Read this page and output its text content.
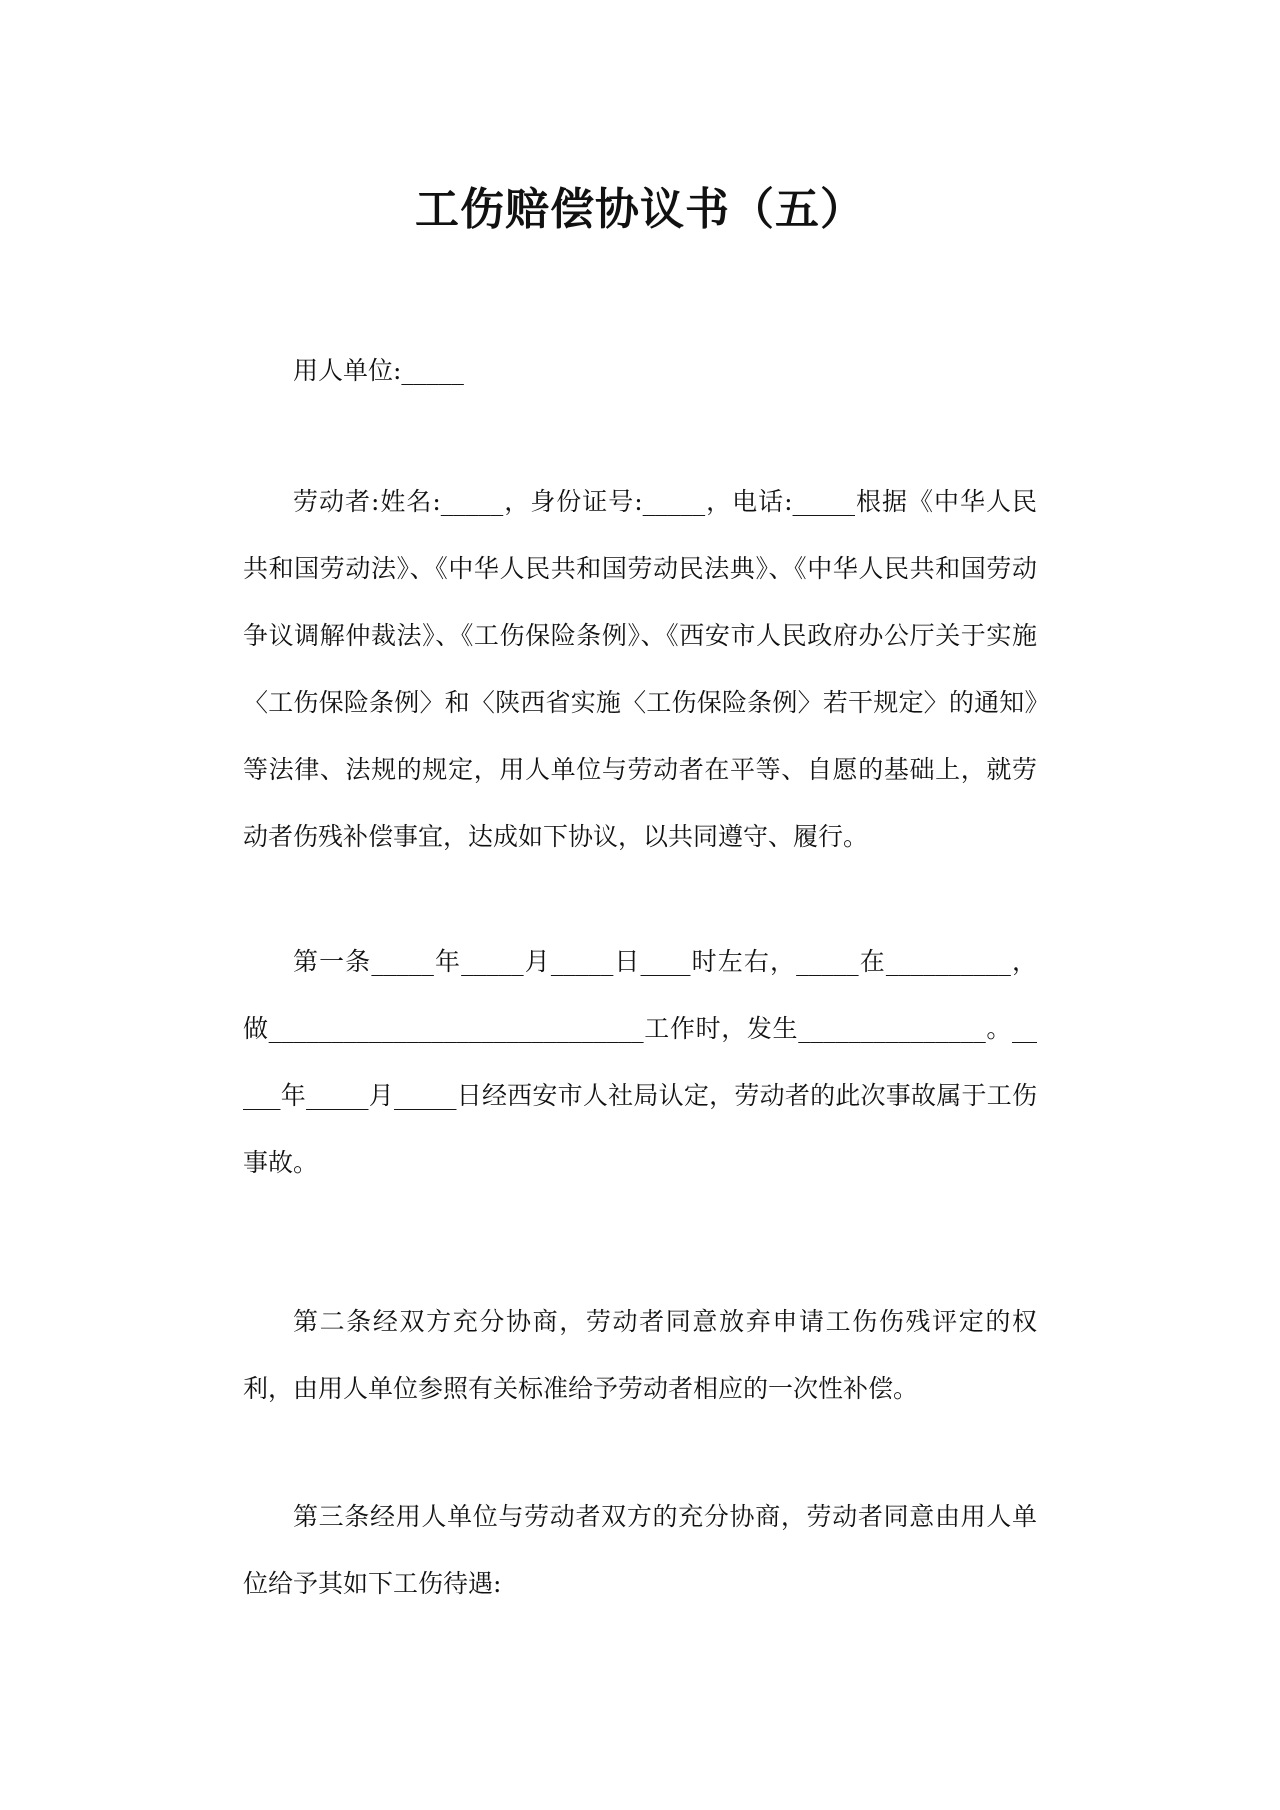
工伤赔偿协议书（五）

用人单位:_____

劳动者:姓名:_____，身份证号:_____，电话:_____根据《中华人民共和国劳动法》、《中华人民共和国劳动民法典》、《中华人民共和国劳动争议调解仲裁法》、《工伤保险条例》、《西安市人民政府办公厅关于实施〈工伤保险条例〉和〈陕西省实施〈工伤保险条例〉若干规定〉的通知》等法律、法规的规定，用人单位与劳动者在平等、自愿的基础上，就劳动者伤残补偿事宜，达成如下协议，以共同遵守、履行。

第一条_____年_____月_____日____时左右，_____在__________，做______________________________工作时，发生_______________。_____年_____月_____日经西安市人社局认定，劳动者的此次事故属于工伤事故。

第二条经双方充分协商，劳动者同意放弃申请工伤伤残评定的权利，由用人单位参照有关标准给予劳动者相应的一次性补偿。

第三条经用人单位与劳动者双方的充分协商，劳动者同意由用人单位给予其如下工伤待遇:
